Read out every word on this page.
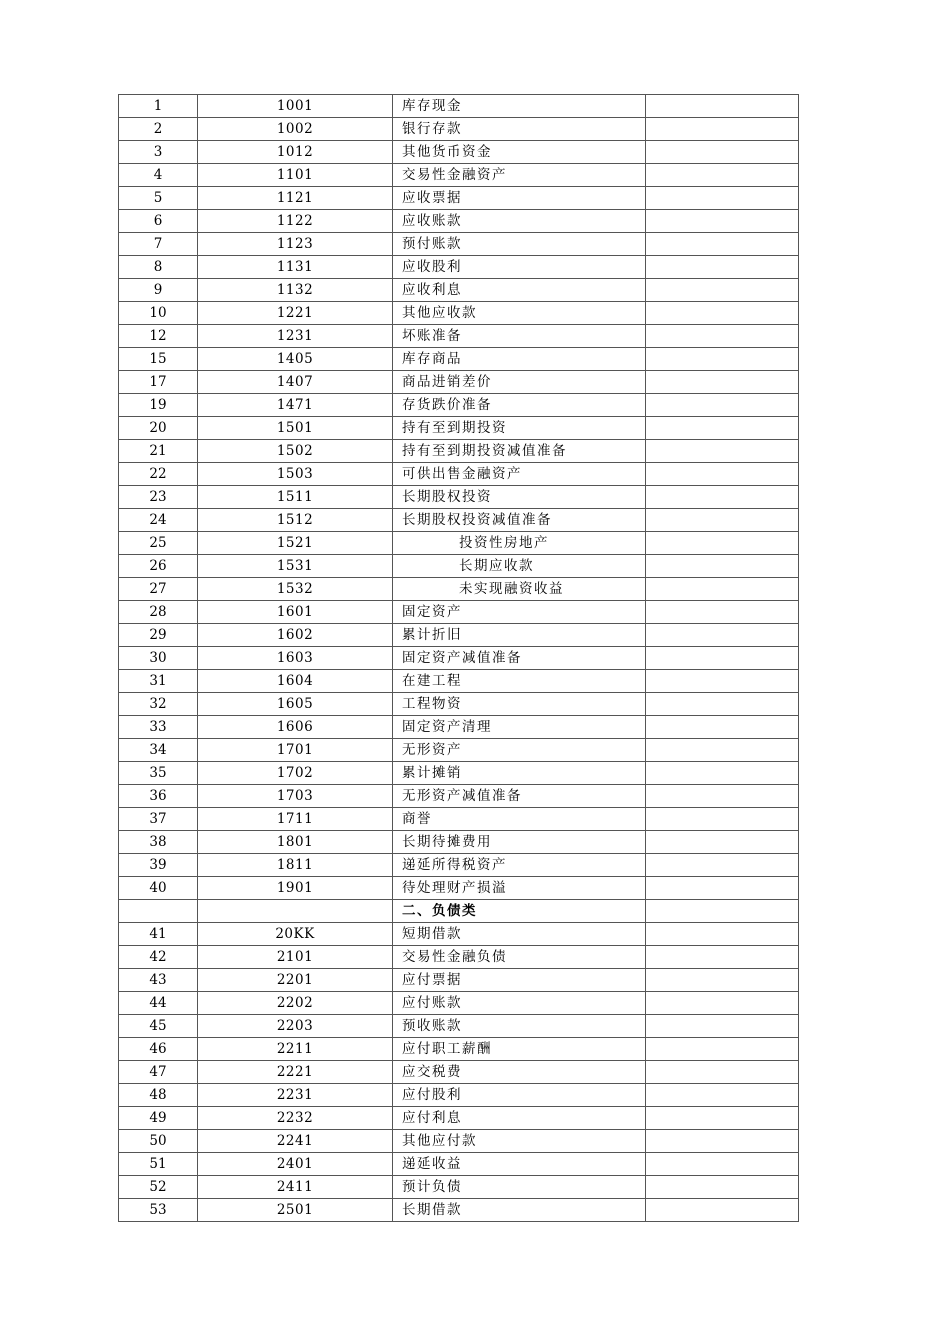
1	1001	库存现金	
2	1002	银行存款	
3	1012	其他货币资金	
4	1101	交易性金融资产	
5	1121	应收票据	
6	1122	应收账款	
7	1123	预付账款	
8	1131	应收股利	
9	1132	应收利息	
10	1221	其他应收款	
12	1231	坏账准备	
15	1405	库存商品	
17	1407	商品进销差价	
19	1471	存货跌价准备	
20	1501	持有至到期投资	
21	1502	持有至到期投资减值准备	
22	1503	可供出售金融资产	
23	1511	长期股权投资	
24	1512	长期股权投资减值准备	
25	1521	投资性房地产	
26	1531	长期应收款	
27	1532	未实现融资收益	
28	1601	固定资产	
29	1602	累计折旧	
30	1603	固定资产减值准备	
31	1604	在建工程	
32	1605	工程物资	
33	1606	固定资产清理	
34	1701	无形资产	
35	1702	累计摊销	
36	1703	无形资产减值准备	
37	1711	商誉	
38	1801	长期待摊费用	
39	1811	递延所得税资产	
40	1901	待处理财产损溢	
		二、负债类	
41	20KK	短期借款	
42	2101	交易性金融负债	
43	2201	应付票据	
44	2202	应付账款	
45	2203	预收账款	
46	2211	应付职工薪酬	
47	2221	应交税费	
48	2231	应付股利	
49	2232	应付利息	
50	2241	其他应付款	
51	2401	递延收益	
52	2411	预计负债	
53	2501	长期借款	
